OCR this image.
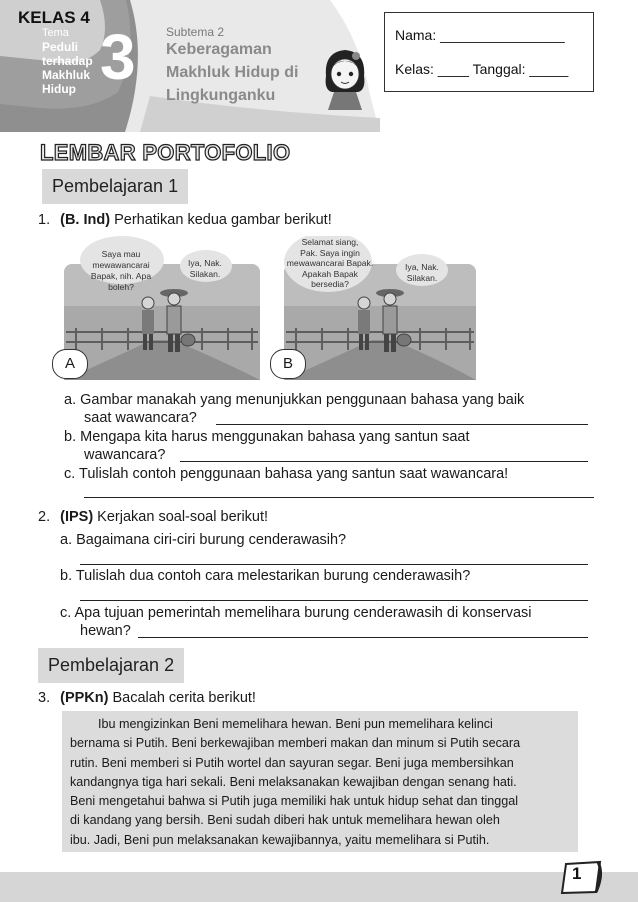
KELAS 4
Tema
Peduli
terhadap
Makhluk
Hidup 3	Subtema 2
Keberagaman
Makhluk Hidup di
Lingkunganku
Nama: ________________
Kelas: ____ Tanggal: _____
LEMBAR PORTOFOLIO
Pembelajaran 1
1. (B. Ind) Perhatikan kedua gambar berikut!
Saya mau
mewawancarai
Bapak, nih. Apa
boleh?
Iya, Nak.
Silakan.
A
Selamat siang,
Pak. Saya ingin
mewawancarai Bapak.
Apakah Bapak
bersedia?
Iya, Nak.
Silakan.
B
a. Gambar manakah yang menunjukkan penggunaan bahasa yang baik
saat wawancara?
b. Mengapa kita harus menggunakan bahasa yang santun saat
wawancara?
c. Tulislah contoh penggunaan bahasa yang santun saat wawancara!
2. (IPS) Kerjakan soal-soal berikut!
a. Bagaimana ciri-ciri burung cenderawasih?
b. Tulislah dua contoh cara melestarikan burung cenderawasih?
c. Apa tujuan pemerintah memelihara burung cenderawasih di konservasi
hewan?
Pembelajaran 2
3. (PPKn) Bacalah cerita berikut!
Ibu mengizinkan Beni memelihara hewan. Beni pun memelihara kelinci
bernama si Putih. Beni berkewajiban memberi makan dan minum si Putih secara
rutin. Beni memberi si Putih wortel dan sayuran segar. Beni juga membersihkan
kandangnya tiga hari sekali. Beni melaksanakan kewajiban dengan senang hati.
Beni mengetahui bahwa si Putih juga memiliki hak untuk hidup sehat dan tinggal
di kandang yang bersih. Beni sudah diberi hak untuk memelihara hewan oleh
ibu. Jadi, Beni pun melaksanakan kewajibannya, yaitu memelihara si Putih.
1
